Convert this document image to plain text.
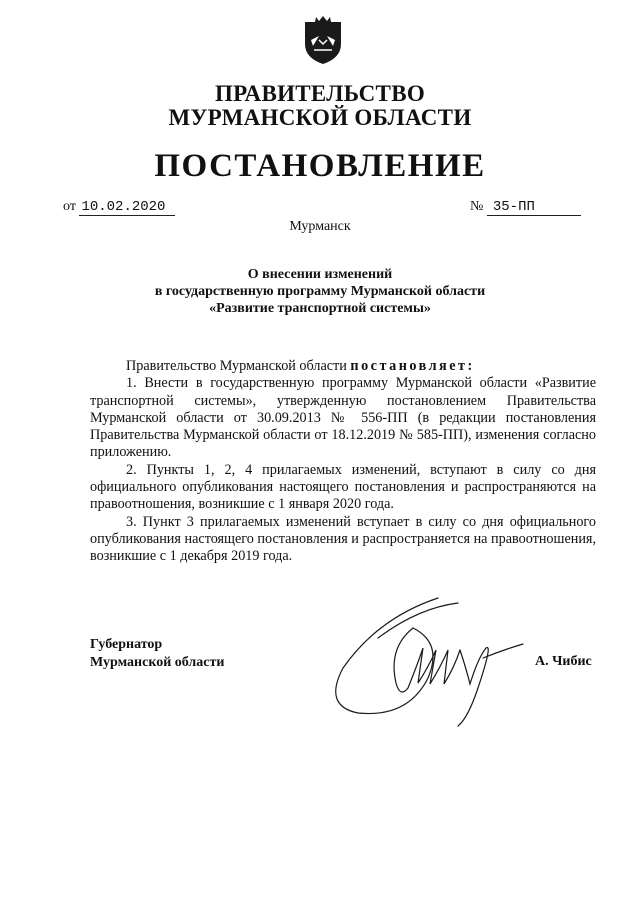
ПРАВИТЕЛЬСТВО
МУРМАНСКОЙ ОБЛАСТИ
ПОСТАНОВЛЕНИЕ
от 10.02.2020	№ 35-ПП
Мурманск
О внесении изменений
в государственную программу Мурманской области
«Развитие транспортной системы»

Правительство Мурманской области постановляет:

1. Внести в государственную программу Мурманской области «Развитие транспортной системы», утвержденную постановлением Правительства Мурманской области от 30.09.2013 № 556-ПП (в редакции постановления Правительства Мурманской области от 18.12.2019 № 585-ПП), изменения согласно приложению.

2. Пункты 1, 2, 4 прилагаемых изменений, вступают в силу со дня официального опубликования настоящего постановления и распространяются на правоотношения, возникшие с 1 января 2020 года.

3. Пункт 3 прилагаемых изменений вступает в силу со дня официального опубликования настоящего постановления и распространяется на правоотношения, возникшие с 1 декабря 2019 года.

Губернатор
Мурманской области	А. Чибис
